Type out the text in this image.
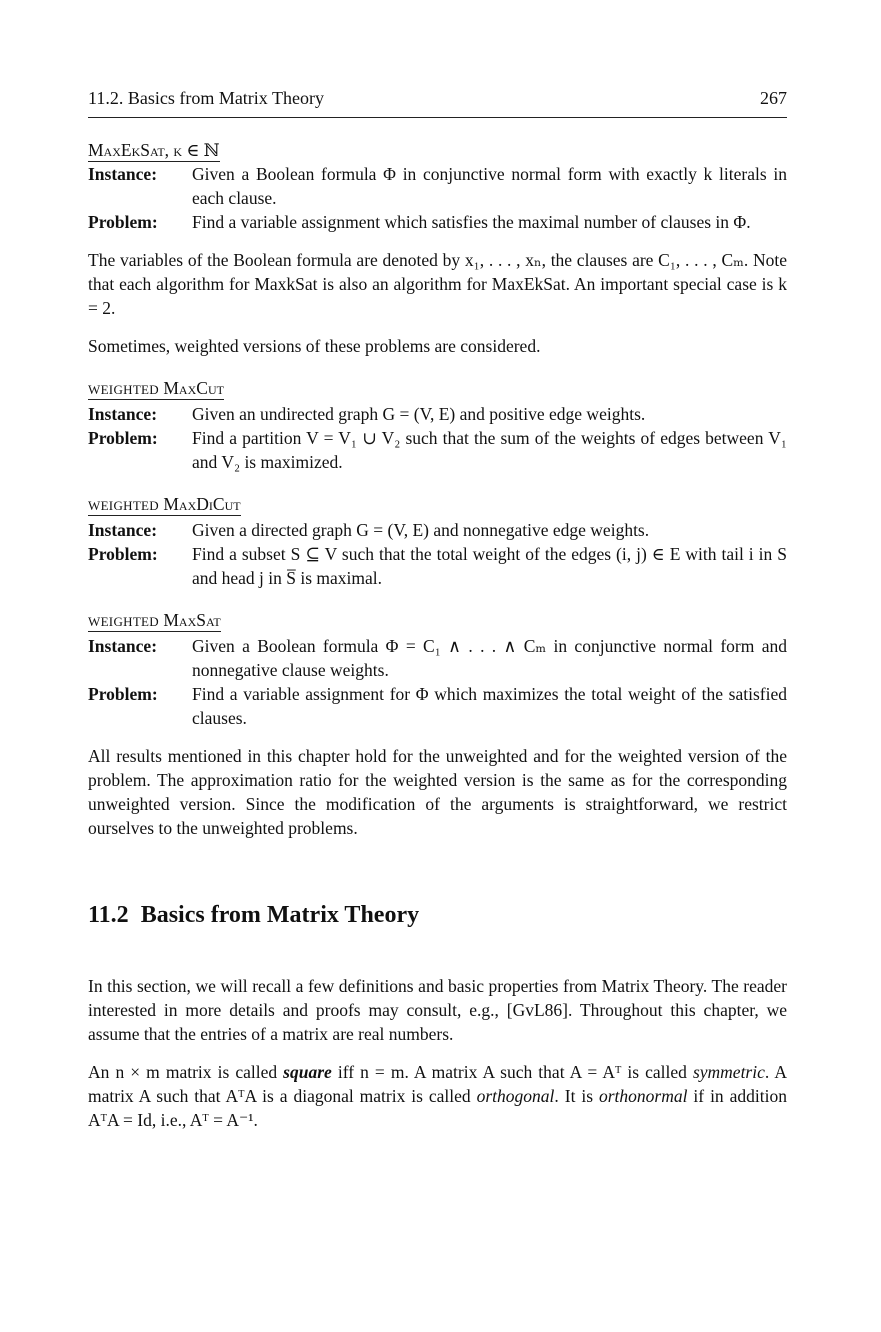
11.2. Basics from Matrix Theory	267
MaxEkSat, k ∈ ℕ
Instance:	Given a Boolean formula Φ in conjunctive normal form with exactly k literals in each clause.
Problem:	Find a variable assignment which satisfies the maximal number of clauses in Φ.
The variables of the Boolean formula are denoted by x₁, . . . , xₙ, the clauses are C₁, . . . , Cₘ. Note that each algorithm for MaxkSat is also an algorithm for MaxEkSat. An important special case is k = 2.
Sometimes, weighted versions of these problems are considered.
WEIGHTED MaxCut
Instance:	Given an undirected graph G = (V, E) and positive edge weights.
Problem:	Find a partition V = V₁ ∪ V₂ such that the sum of the weights of edges between V₁ and V₂ is maximized.
WEIGHTED MaxDiCut
Instance:	Given a directed graph G = (V, E) and nonnegative edge weights.
Problem:	Find a subset S ⊆ V such that the total weight of the edges (i, j) ∈ E with tail i in S and head j in S̅ is maximal.
WEIGHTED MaxSat
Instance:	Given a Boolean formula Φ = C₁ ∧ . . . ∧ Cₘ in conjunctive normal form and nonnegative clause weights.
Problem:	Find a variable assignment for Φ which maximizes the total weight of the satisfied clauses.
All results mentioned in this chapter hold for the unweighted and for the weighted version of the problem. The approximation ratio for the weighted version is the same as for the corresponding unweighted version. Since the modification of the arguments is straightforward, we restrict ourselves to the unweighted problems.
11.2 Basics from Matrix Theory
In this section, we will recall a few definitions and basic properties from Matrix Theory. The reader interested in more details and proofs may consult, e.g., [GvL86]. Throughout this chapter, we assume that the entries of a matrix are real numbers.
An n × m matrix is called square iff n = m. A matrix A such that A = Aᵀ is called symmetric. A matrix A such that AᵀA is a diagonal matrix is called orthogonal. It is orthonormal if in addition AᵀA = Id, i.e., Aᵀ = A⁻¹.
